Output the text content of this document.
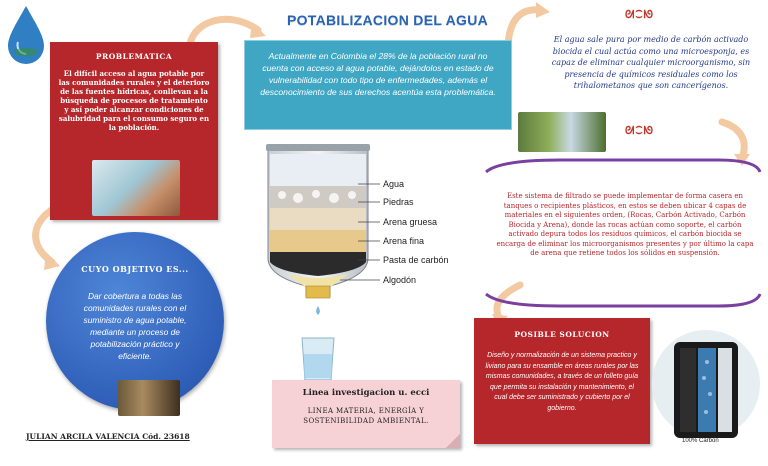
POTABILIZACION DEL AGUA
PROBLEMATICA
El difícil acceso al agua potable por las comunidades rurales y el deterioro de las fuentes hídricas, conllevan a la búsqueda de procesos de tratamiento y así poder alcanzar condiciones de salubridad para el consumo seguro en la población.
Actualmente en Colombia el 28% de la población rural no cuenta con acceso al agua potable, dejándolos en estado de vulnerabilidad con todo tipo de enfermedades, además el desconocimiento de sus derechos acentúa esta problemática.
ᘛ⁐ᘚ
El agua sale pura por medio de carbón activado biocida el cual actúa como una microesponja, es capaz de eliminar cualquier microorganismo, sin presencia de químicos residuales como los trihalometanos que son cancerígenos.
ᘛ⁐ᘚ
Este sistema de filtrado se puede implementar de forma casera en tanques o recipientes plásticos, en estos se deben ubicar 4 capas de materiales en el siguientes orden, (Rocas, Carbón Activado, Carbón Biocida y Arena), donde las rocas actúan como soporte, el carbón activado depura todos los residuos químicos, el carbón biocida se encarga de eliminar los microorganismos presentes y por último la capa de arena que retiene todos los sólidos en suspensión.
CUYO OBJETIVO ES...
Dar cobertura a todas las comunidades rurales con el suministro de agua potable, mediante un proceso de potabilización práctico y eficiente.
Agua
Piedras
Arena gruesa
Arena fina
Pasta de carbón
Algodón
Linea investigacion u. ecci
LINEA MATERIA, ENERGÍA Y SOSTENIBILIDAD AMBIENTAL.
POSIBLE SOLUCION
Diseño y normalización de un sistema practico y liviano para su ensamble en áreas rurales por las mismas comunidades, a través de un folleto guía que permita su instalación y mantenimiento, el cual debe ser suministrado y cubierto por el gobierno.
100% Carbon
JULIAN ARCILA VALENCIA Cód. 23618
